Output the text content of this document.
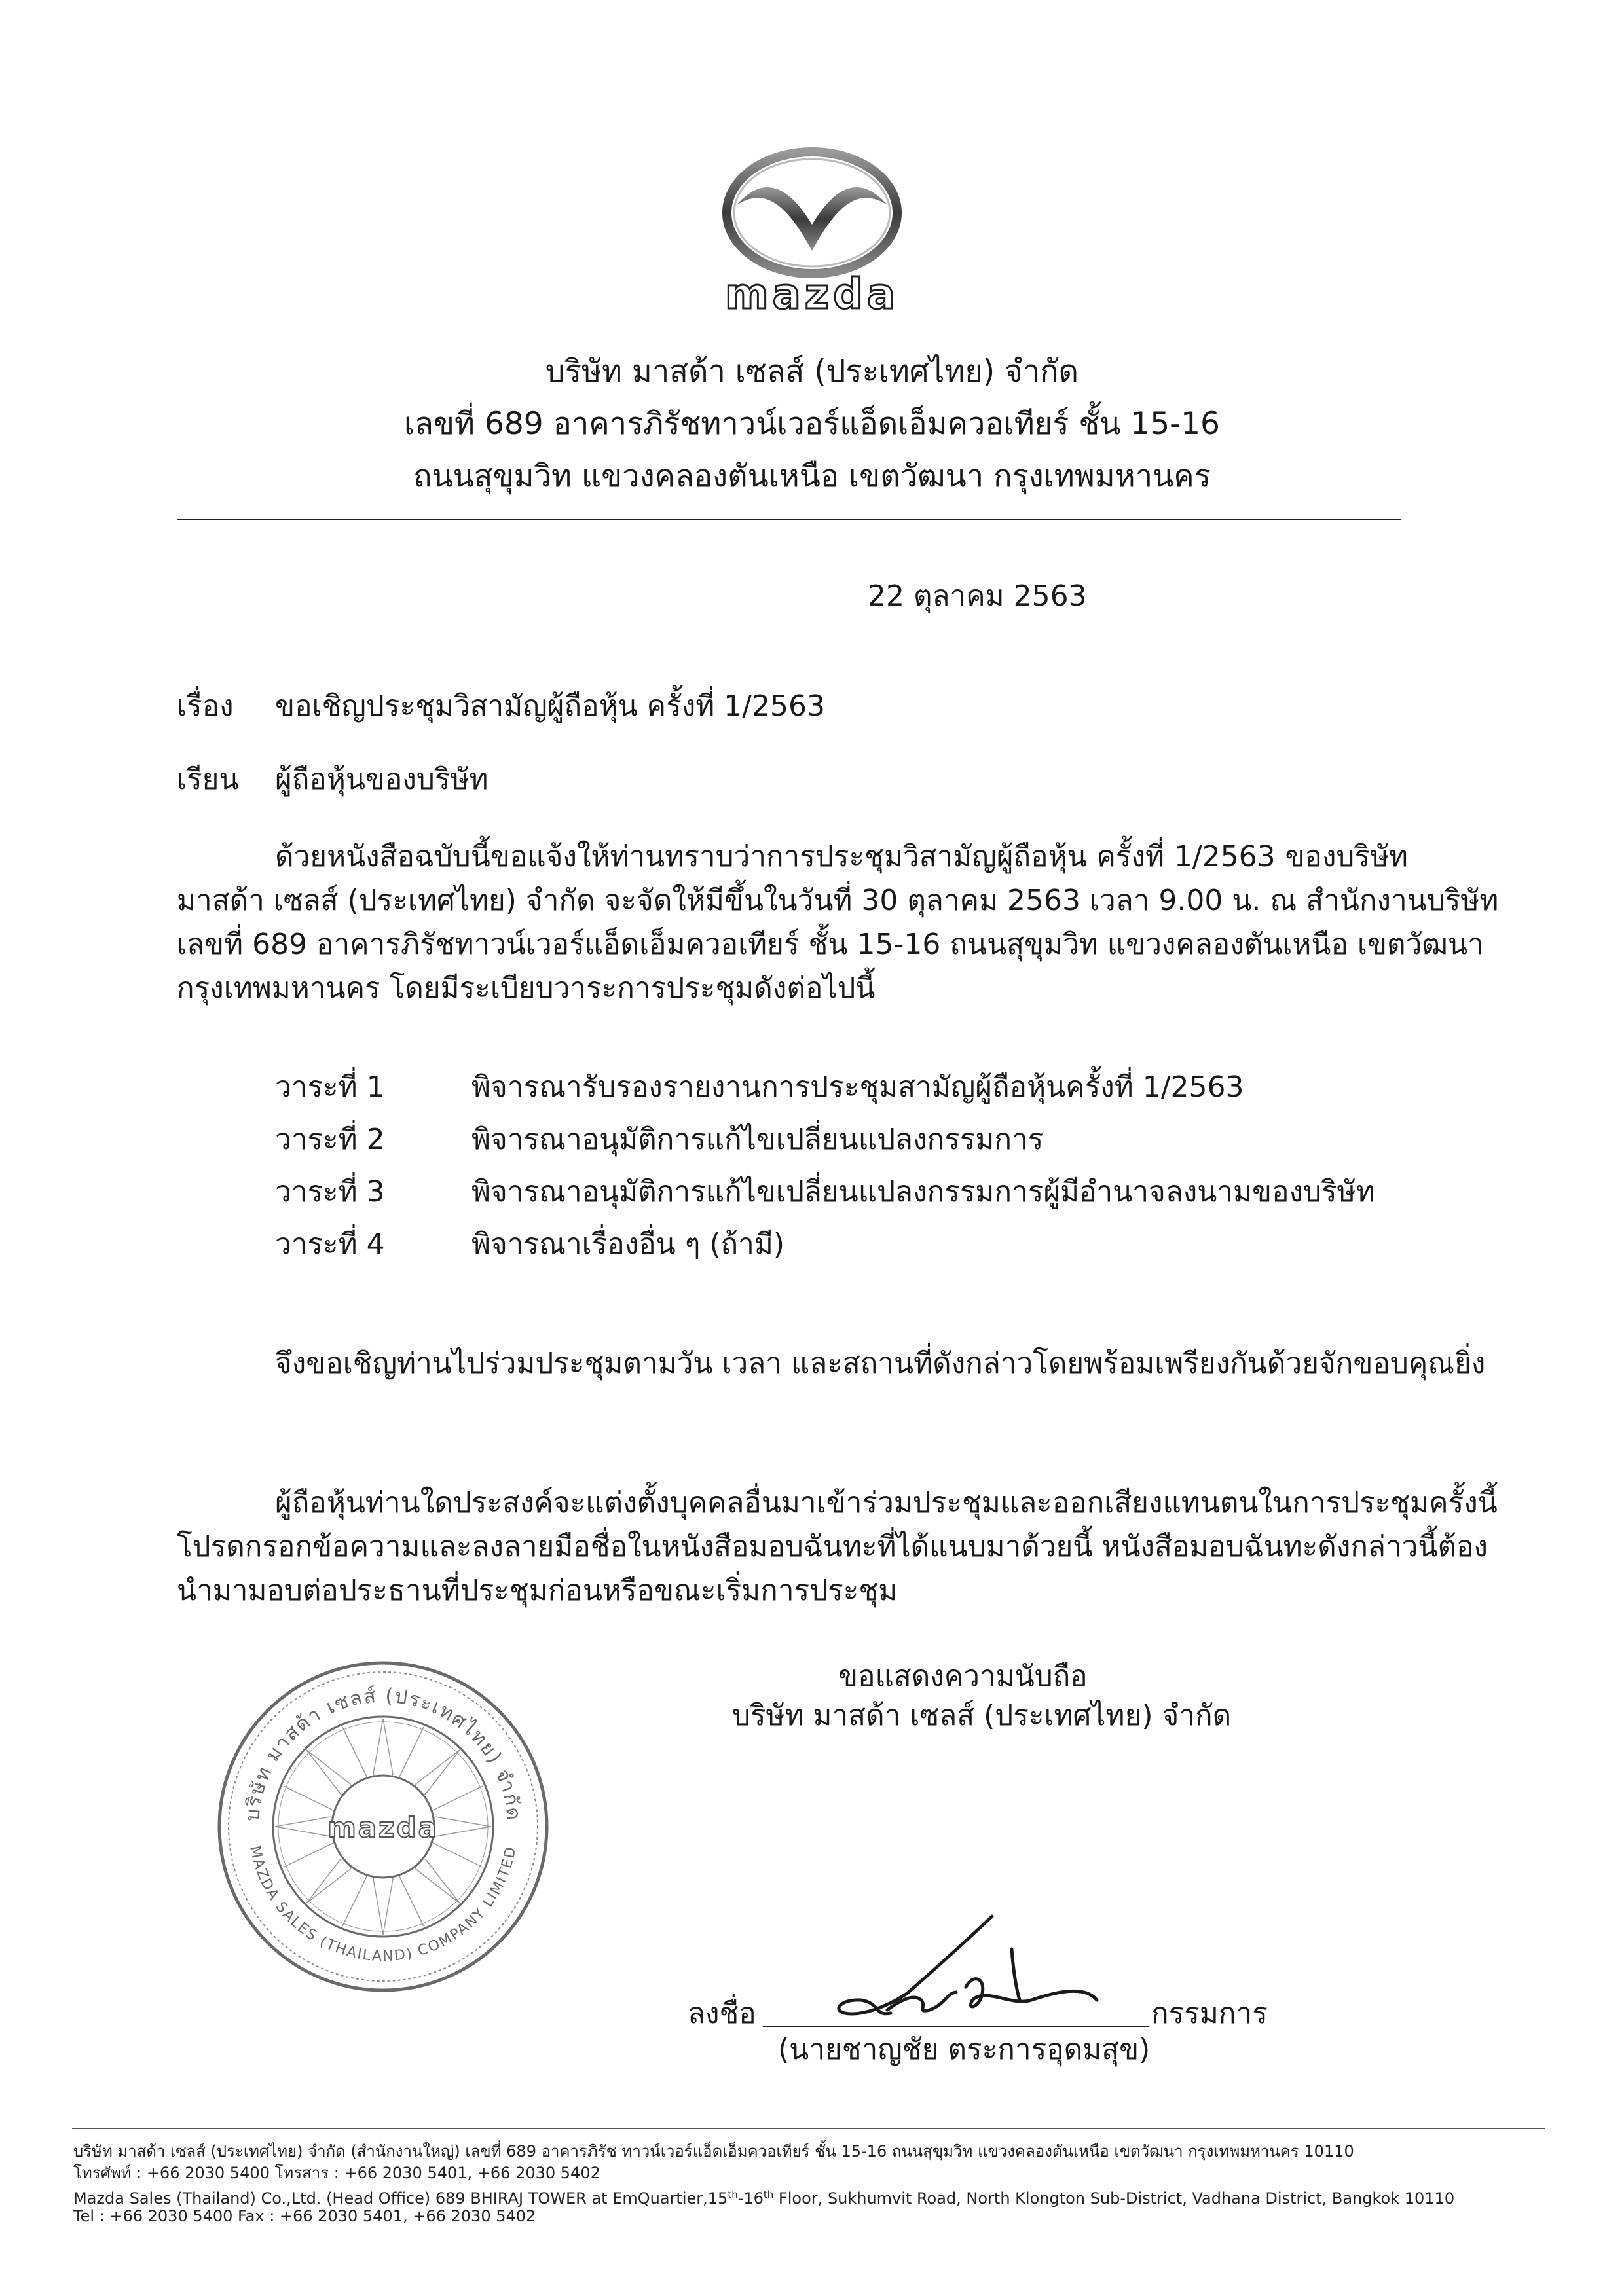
mazda
บริษัท มาสด้า เซลส์ (ประเทศไทย) จำกัด
เลขที่ 689 อาคารภิรัชทาวน์เวอร์แอ็ดเอ็มควอเทียร์ ชั้น 15-16
ถนนสุขุมวิท แขวงคลองตันเหนือ เขตวัฒนา กรุงเทพมหานคร
22 ตุลาคม 2563
เรื่อง ขอเชิญประชุมวิสามัญผู้ถือหุ้น ครั้งที่ 1/2563
เรียน ผู้ถือหุ้นของบริษัท
ด้วยหนังสือฉบับนี้ขอแจ้งให้ท่านทราบว่าการประชุมวิสามัญผู้ถือหุ้น ครั้งที่ 1/2563 ของบริษัท
มาสด้า เซลส์ (ประเทศไทย) จำกัด จะจัดให้มีขึ้นในวันที่ 30 ตุลาคม 2563 เวลา 9.00 น. ณ สำนักงานบริษัท
เลขที่ 689 อาคารภิรัชทาวน์เวอร์แอ็ดเอ็มควอเทียร์ ชั้น 15-16 ถนนสุขุมวิท แขวงคลองตันเหนือ เขตวัฒนา
กรุงเทพมหานคร โดยมีระเบียบวาระการประชุมดังต่อไปนี้
วาระที่ 1	พิจารณารับรองรายงานการประชุมสามัญผู้ถือหุ้นครั้งที่ 1/2563
วาระที่ 2	พิจารณาอนุมัติการแก้ไขเปลี่ยนแปลงกรรมการ
วาระที่ 3	พิจารณาอนุมัติการแก้ไขเปลี่ยนแปลงกรรมการผู้มีอำนาจลงนามของบริษัท
วาระที่ 4	พิจารณาเรื่องอื่น ๆ (ถ้ามี)
จึงขอเชิญท่านไปร่วมประชุมตามวัน เวลา และสถานที่ดังกล่าวโดยพร้อมเพรียงกันด้วยจักขอบคุณยิ่ง
ผู้ถือหุ้นท่านใดประสงค์จะแต่งตั้งบุคคลอื่นมาเข้าร่วมประชุมและออกเสียงแทนตนในการประชุมครั้งนี้
โปรดกรอกข้อความและลงลายมือชื่อในหนังสือมอบฉันทะที่ได้แนบมาด้วยนี้ หนังสือมอบฉันทะดังกล่าวนี้ต้อง
นำมามอบต่อประธานที่ประชุมก่อนหรือขณะเริ่มการประชุม
ขอแสดงความนับถือ
บริษัท มาสด้า เซลส์ (ประเทศไทย) จำกัด
mazda
บริษัท มาสด้า เซลส์ (ประเทศไทย) จำกัด
MAZDA SALES (THAILAND) COMPANY LIMITED
ลงชื่อ	กรรมการ
(นายชาญชัย ตระการอุดมสุข)
บริษัท มาสด้า เซลส์ (ประเทศไทย) จำกัด (สำนักงานใหญ่) เลขที่ 689 อาคารภิรัช ทาวน์เวอร์แอ็ดเอ็มควอเทียร์ ชั้น 15-16 ถนนสุขุมวิท แขวงคลองตันเหนือ เขตวัฒนา กรุงเทพมหานคร 10110
โทรศัพท์ : +66 2030 5400 โทรสาร : +66 2030 5401, +66 2030 5402
Mazda Sales (Thailand) Co.,Ltd. (Head Office) 689 BHIRAJ TOWER at EmQuartier,15th-16th Floor, Sukhumvit Road, North Klongton Sub-District, Vadhana District, Bangkok 10110
Tel : +66 2030 5400 Fax : +66 2030 5401, +66 2030 5402
